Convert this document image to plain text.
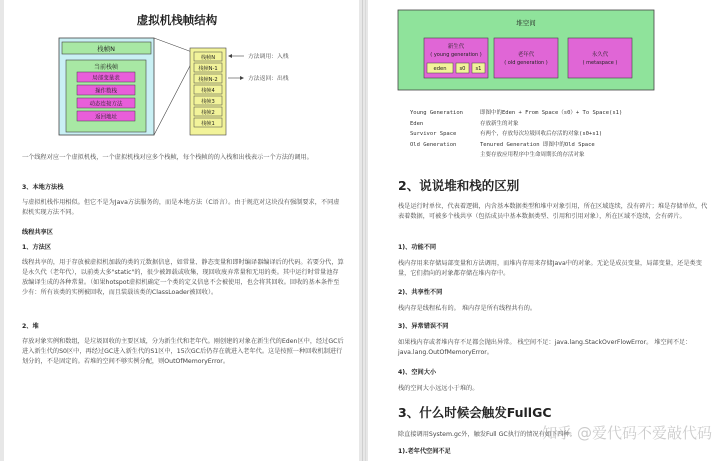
虚拟机栈帧结构
栈帧N
当前栈帧
局部变量表
操作数栈
动态连接方法
返回地址
栈帧N
栈帧N-1
栈帧N-2
栈帧4
栈帧3
栈帧2
栈帧1
方法调用：入栈
方法返回：出栈

一个线程对应一个虚拟机栈，一个虚拟机栈对应多个栈帧，每个栈帧的的入栈和出栈表示一个方法的调用。

3、本地方法栈

与虚拟机栈作用相似。但它不是为Java方法服务的，而是本地方法（C语言）。由于规范对这块没有强制要求，不同虚拟机实现方法不同。

线程共享区

1、方法区

线程共享的，用于存放被虚拟机加载的类的元数据信息，如常量、静态变量和即时编译器编译后的代码。若要分代，算是永久代（老年代），以前类大多"static"的，很少被卸载或收集，现回收废弃常量和无用的类。其中运行时常量池存放编译生成的各种常量。（如果hotspot虚拟机确定一个类的定义信息不会被使用，也会将其回收。回收的基本条件至少有：所有该类的实例被回收，而且装载该类的ClassLoader被回收）。

2、堆

存放对象实例和数组，是垃圾回收的主要区域，分为新生代和老年代。刚创建的对象在新生代的Eden区中，经过GC后进入新生代的S0区中，再经过GC进入新生代的S1区中，15次GC后仍存在就进入老年代。这是按照一种回收机制进行划分的，不是固定的。若堆的空间不够实例分配，则OutOfMemoryError。

堆空间
新生代
( young generation )
eden	s0 s1
老年代
( old generation )
永久代
( metaspace )
Young Generation	即图中的Eden + From Space（s0）+ To Space(s1)
Eden	存放新生的对象
Survivor Space	有两个，存放每次垃圾回收后存活的对象(s0+s1)
Old Generation	Tenured Generation 即图中的Old Space
主要存放应用程序中生命周期长的存活对象

2、说说堆和栈的区别

栈是运行时单位，代表着逻辑，内含基本数据类型和堆中对象引用，所在区域连续，没有碎片；堆是存储单位，代表着数据，可被多个栈共享（包括成员中基本数据类型、引用和引用对象），所在区域不连续，会有碎片。

1)、功能不同

栈内存用来存储局部变量和方法调用，而堆内存用来存储Java中的对象。无论是成员变量，局部变量，还是类变量，它们指向的对象都存储在堆内存中。

2)、共享性不同

栈内存是线程私有的。 堆内存是所有线程共有的。

3)、异常错误不同

如果栈内存或者堆内存不足都会抛出异常。 栈空间不足：java.lang.StackOverFlowError。 堆空间不足：java.lang.OutOfMemoryError。

4)、空间大小

栈的空间大小远远小于堆的。

3、什么时候会触发FullGC

除直接调用System.gc外，触发Full GC执行的情况有如下四种。

1).老年代空间不足

知乎 @爱代码不爱敲代码
